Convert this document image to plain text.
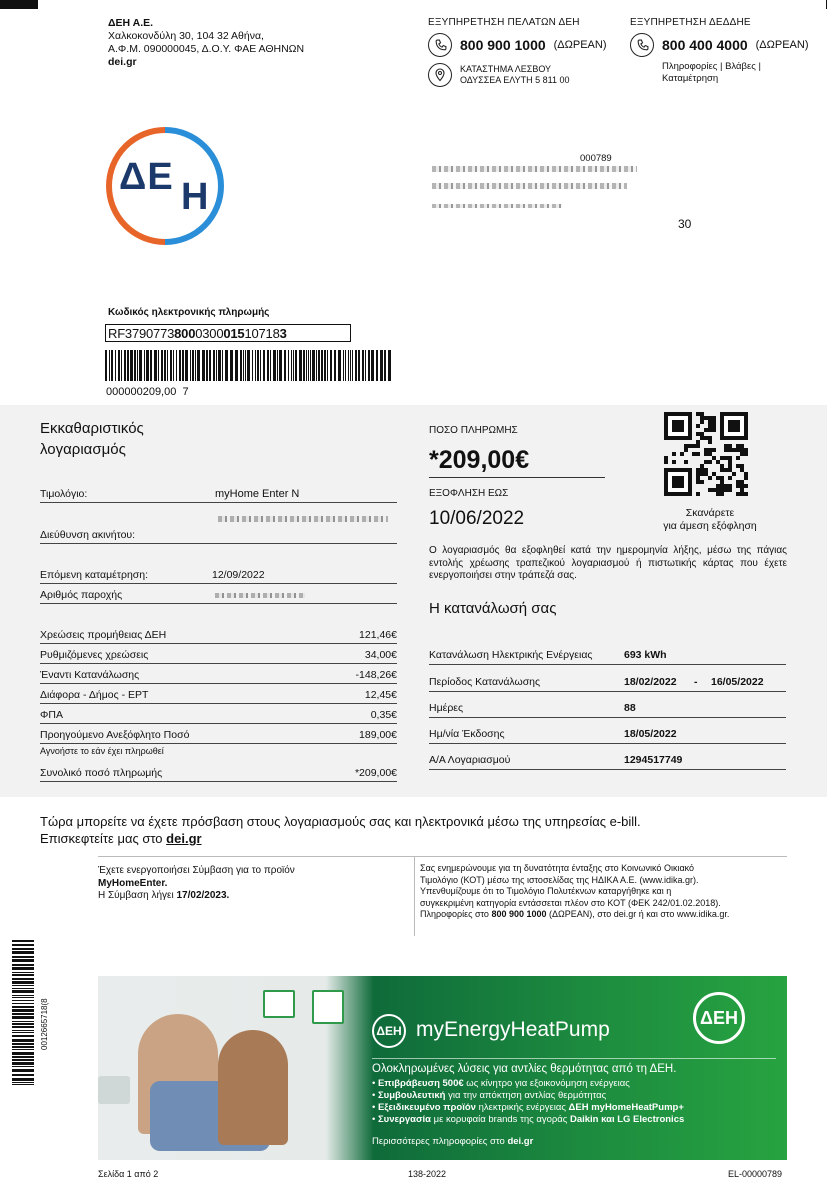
ΔΕΗ Α.Ε.
Χαλκοκονδύλη 30, 104 32 Αθήνα,
Α.Φ.Μ. 090000045, Δ.Ο.Υ. ΦΑΕ ΑΘΗΝΩΝ
dei.gr
ΕΞΥΠΗΡΕΤΗΣΗ ΠΕΛΑΤΩΝ ΔΕΗ
800 900 1000 (ΔΩΡΕΑΝ)
ΚΑΤΑΣΤΗΜΑ ΛΕΣΒΟΥ
ΟΔΥΣΣΕΑ ΕΛΥΤΗ 5 811 00
ΕΞΥΠΗΡΕΤΗΣΗ ΔΕΔΔΗΕ
800 400 4000 (ΔΩΡΕΑΝ)
Πληροφορίες | Βλάβες |
Καταμέτρηση
ΔΕ Η
000789
30
Κωδικός ηλεκτρονικής πληρωμής
RF37907738000300015107183
000000209,00  7
Εκκαθαριστικός
λογαριασμός
Τιμολόγιο:	myHome Enter N
Διεύθυνση ακινήτου:
Επόμενη καταμέτρηση:	12/09/2022
Αριθμός παροχής
Χρεώσεις προμήθειας ΔΕΗ	121,46€
Ρυθμιζόμενες χρεώσεις	34,00€
Έναντι Κατανάλωσης	-148,26€
Διάφορα - Δήμος - ΕΡΤ	12,45€
ΦΠΑ	0,35€
Προηγούμενο Ανεξόφλητο Ποσό	189,00€
Αγνοήστε το εάν έχει πληρωθεί
Συνολικό ποσό πληρωμής	*209,00€
ΠΟΣΟ ΠΛΗΡΩΜΗΣ
*209,00€
ΕΞΟΦΛΗΣΗ ΕΩΣ
10/06/2022	Σκανάρετε
για άμεση εξόφληση
Ο λογαριασμός θα εξοφληθεί κατά την ημερομηνία λήξης, μέσω της πάγιας εντολής χρέωσης τραπεζικού λογαριασμού ή πιστωτικής κάρτας που έχετε ενεργοποιήσει στην τράπεζά σας.
Η κατανάλωσή σας
Κατανάλωση Ηλεκτρικής Ενέργειας	693 kWh
Περίοδος Κατανάλωσης	18/02/2022 - 16/05/2022
Ημέρες	88
Ημ/νία Έκδοσης	18/05/2022
Α/Α Λογαριασμού	1294517749
Τώρα μπορείτε να έχετε πρόσβαση στους λογαριασμούς σας και ηλεκτρονικά μέσω της υπηρεσίας e-bill.
Επισκεφτείτε μας στο dei.gr
Έχετε ενεργοποιήσει Σύμβαση για το προϊόν
MyHomeEnter.
Η Σύμβαση λήγει 17/02/2023.
Σας ενημερώνουμε για τη δυνατότητα ένταξης στο Κοινωνικό Οικιακό
Τιμολόγιο (ΚΟΤ) μέσω της ιστοσελίδας της ΗΔΙΚΑ Α.Ε. (www.idika.gr).
Υπενθυμίζουμε ότι το Τιμολόγιο Πολυτέκνων καταργήθηκε και η
συγκεκριμένη κατηγορία εντάσσεται πλέον στο ΚΟΤ (ΦΕΚ 242/01.02.2018).
Πληροφορίες στο 800 900 1000 (ΔΩΡΕΑΝ), στο dei.gr ή και στο www.idika.gr.
0012665718(8	ΔΕΗ myEnergyHeatPump
ΔΕΗ
Ολοκληρωμένες λύσεις για αντλίες θερμότητας από τη ΔΕΗ.
• Επιβράβευση 500€ ως κίνητρο για εξοικονόμηση ενέργειας
• Συμβουλευτική για την απόκτηση αντλίας θερμότητας
• Εξειδικευμένο προϊόν ηλεκτρικής ενέργειας ΔΕΗ myHomeHeatPump+
• Συνεργασία με κορυφαία brands της αγοράς Daikin και LG Electronics
Περισσότερες πληροφορίες στο dei.gr
Σελίδα 1 από 2	138-2022	EL-00000789
